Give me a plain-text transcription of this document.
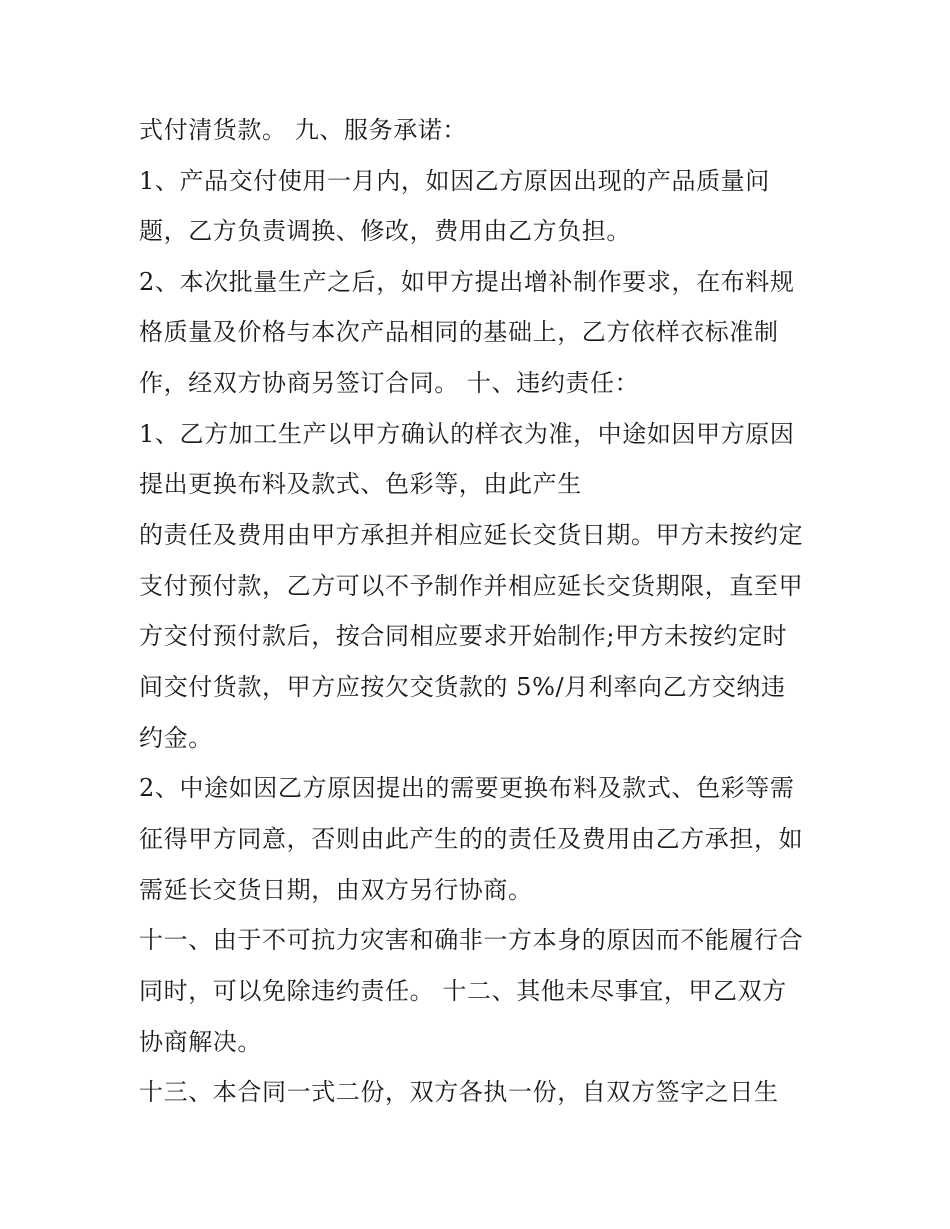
式付清货款。 九、服务承诺：
1、产品交付使用一月内，如因乙方原因出现的产品质量问
题，乙方负责调换、修改，费用由乙方负担。
2、本次批量生产之后，如甲方提出增补制作要求，在布料规
格质量及价格与本次产品相同的基础上，乙方依样衣标准制
作，经双方协商另签订合同。 十、违约责任：
1、乙方加工生产以甲方确认的样衣为准，中途如因甲方原因
提出更换布料及款式、色彩等，由此产生
的责任及费用由甲方承担并相应延长交货日期。甲方未按约定
支付预付款，乙方可以不予制作并相应延长交货期限，直至甲
方交付预付款后，按合同相应要求开始制作;甲方未按约定时
间交付货款，甲方应按欠交货款的 5%/月利率向乙方交纳违
约金。
2、中途如因乙方原因提出的需要更换布料及款式、色彩等需
征得甲方同意，否则由此产生的的责任及费用由乙方承担，如
需延长交货日期，由双方另行协商。
十一、由于不可抗力灾害和确非一方本身的原因而不能履行合
同时，可以免除违约责任。 十二、其他未尽事宜，甲乙双方
协商解决。
十三、本合同一式二份，双方各执一份，自双方签字之日生
